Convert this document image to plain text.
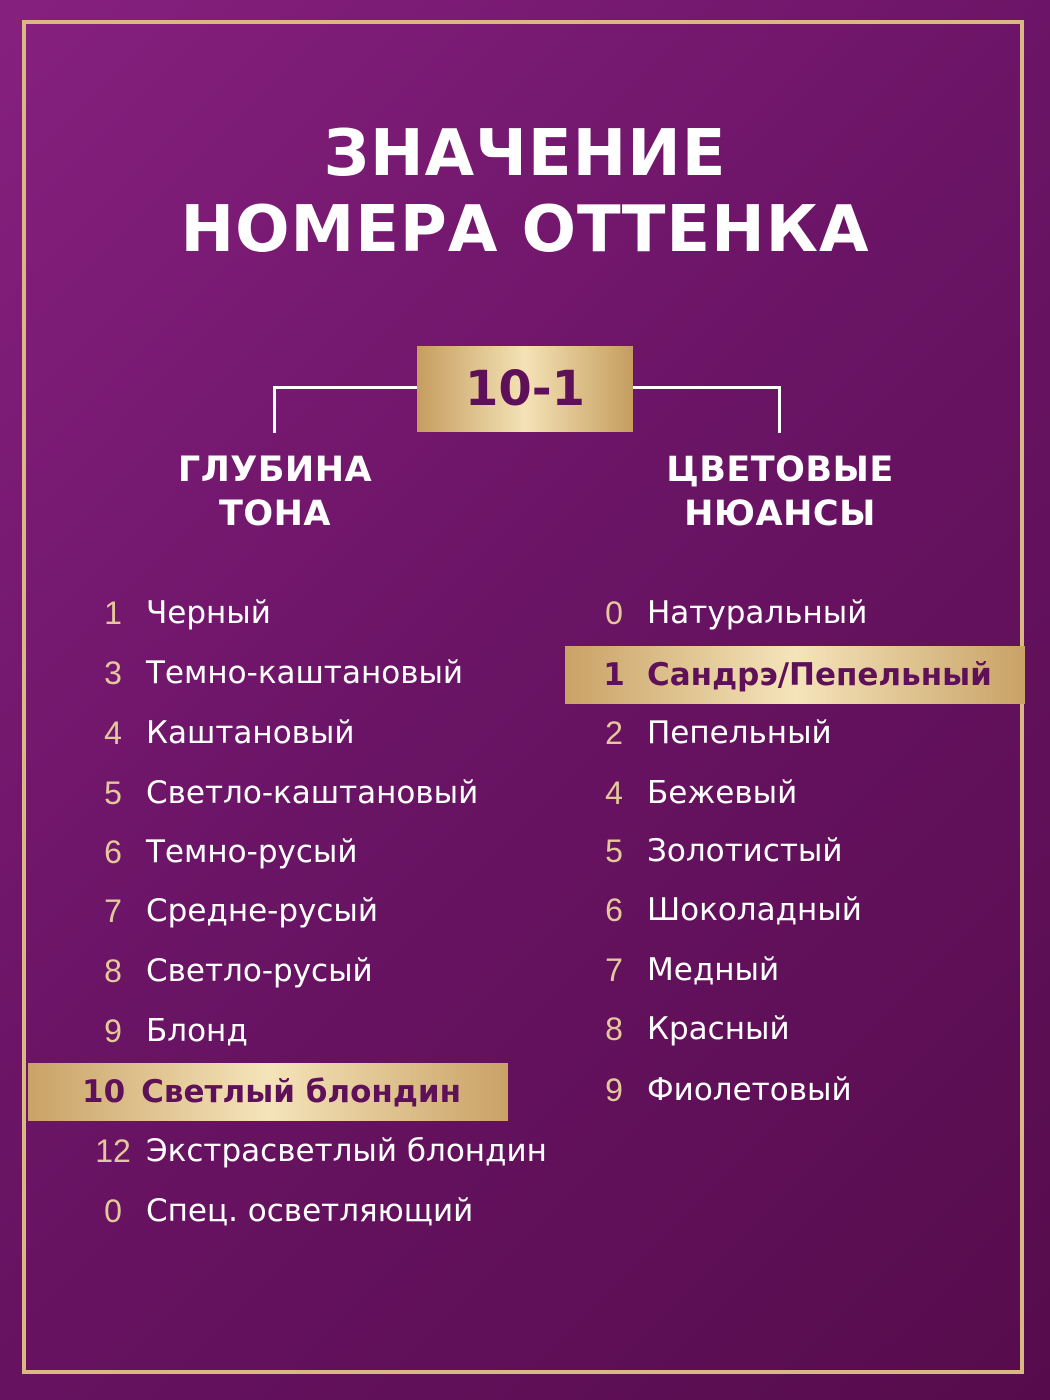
ЗНАЧЕНИЕ
НОМЕРА ОТТЕНКА
10-1
ГЛУБИНА
ТОНА
ЦВЕТОВЫЕ
НЮАНСЫ
1 Черный
3 Темно-каштановый
4 Каштановый
5 Светло-каштановый
6 Темно-русый
7 Средне-русый
8 Светло-русый
9 Блонд
10 Светлый блондин
12 Экстрасветлый блондин
0 Спец. осветляющий
0 Натуральный
1 Сандрэ/Пепельный
2 Пепельный
4 Бежевый
5 Золотистый
6 Шоколадный
7 Медный
8 Красный
9 Фиолетовый
